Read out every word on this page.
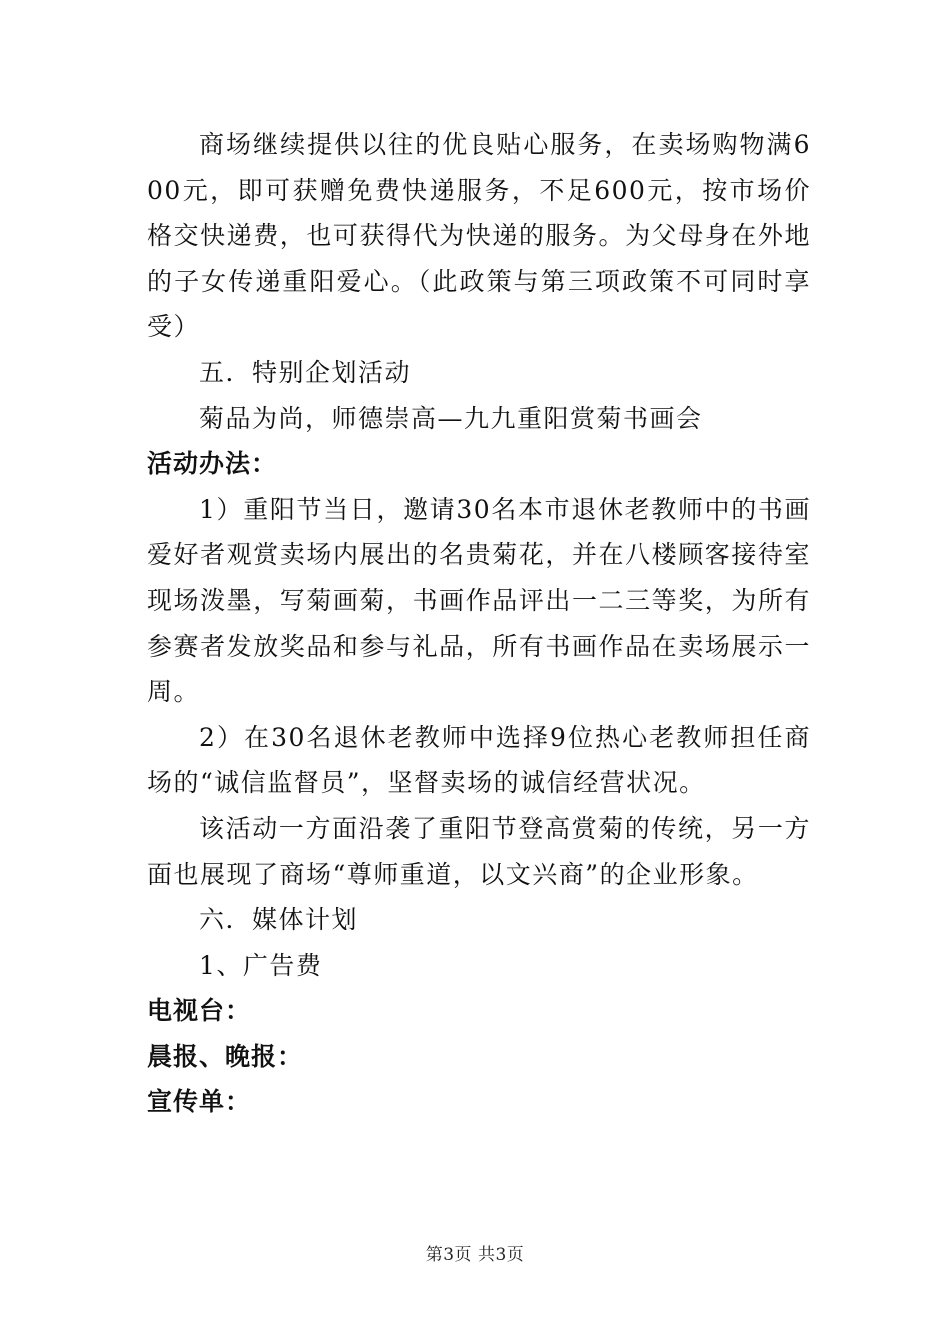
商场继续提供以往的优良贴心服务，在卖场购物满600元，即可获赠免费快递服务，不足600元，按市场价格交快递费，也可获得代为快递的服务。为父母身在外地的子女传递重阳爱心。（此政策与第三项政策不可同时享受）

五．特别企划活动

菊品为尚，师德崇高—九九重阳赏菊书画会

活动办法：

1）重阳节当日，邀请30名本市退休老教师中的书画爱好者观赏卖场内展出的名贵菊花，并在八楼顾客接待室现场泼墨，写菊画菊，书画作品评出一二三等奖，为所有参赛者发放奖品和参与礼品，所有书画作品在卖场展示一周。

2）在30名退休老教师中选择9位热心老教师担任商场的“诚信监督员”，坚督卖场的诚信经营状况。

该活动一方面沿袭了重阳节登高赏菊的传统，另一方面也展现了商场“尊师重道，以文兴商”的企业形象。

六．媒体计划

1、广告费

电视台：

晨报、晚报：

宣传单：

第3页 共3页
